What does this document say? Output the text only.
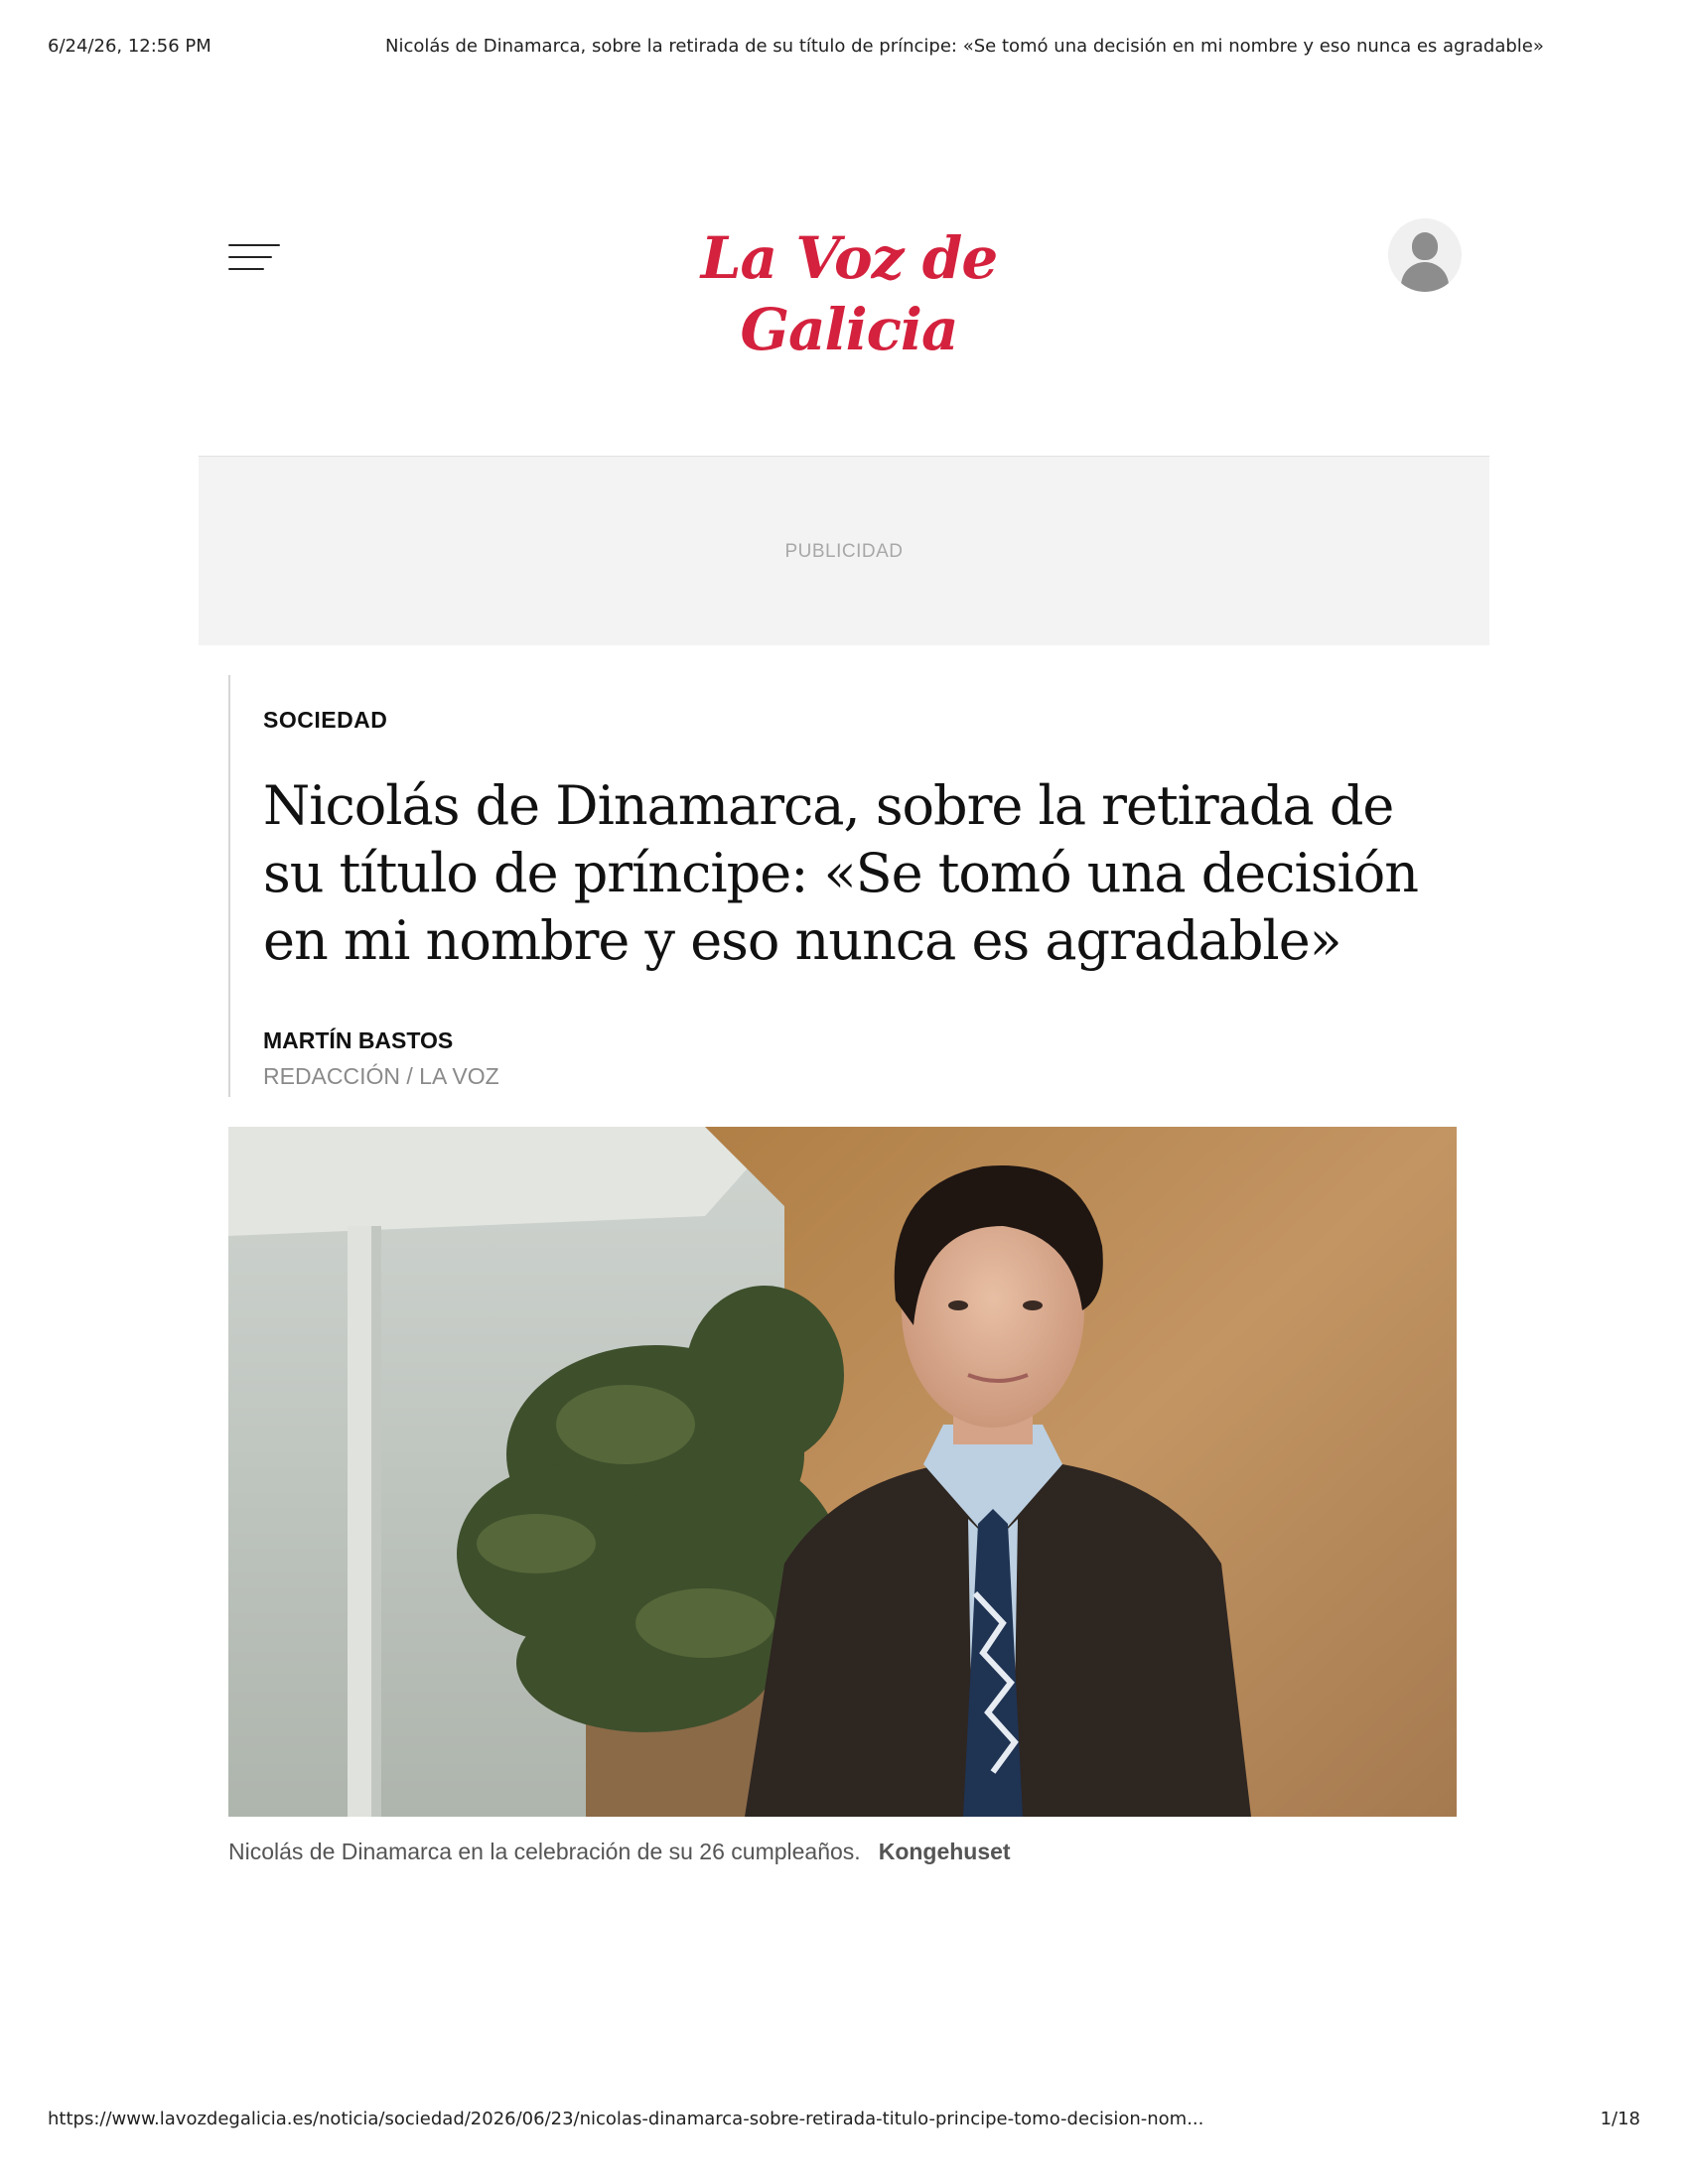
6/24/26, 12:56 PM	Nicolás de Dinamarca, sobre la retirada de su título de príncipe: «Se tomó una decisión en mi nombre y eso nunca es agradable»
La Voz de Galicia
PUBLICIDAD
SOCIEDAD
Nicolás de Dinamarca, sobre la retirada de su título de príncipe: «Se tomó una decisión en mi nombre y eso nunca es agradable»
MARTÍN BASTOS
REDACCIÓN / LA VOZ
Nicolás de Dinamarca en la celebración de su 26 cumpleaños. Kongehuset
https://www.lavozdegalicia.es/noticia/sociedad/2026/06/23/nicolas-dinamarca-sobre-retirada-titulo-principe-tomo-decision-nom...	1/18
